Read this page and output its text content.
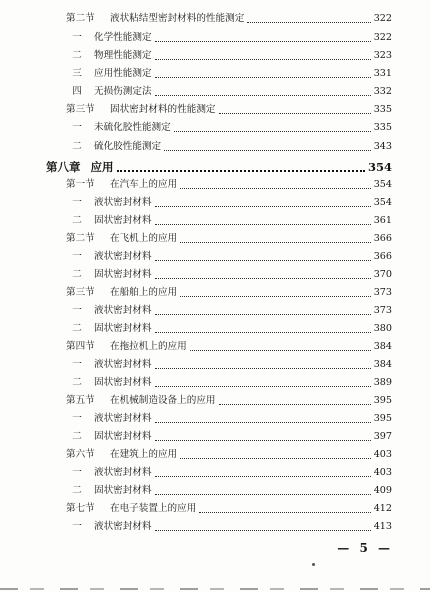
第二节	液状粘结型密封材料的性能测定	322
一	化学性能测定	322
二	物理性能测定	323
三	应用性能测定	331
四	无损伤测定法	332
第三节	固状密封材料的性能测定	335
一	未硫化胶性能测定	335
二	硫化胶性能测定	343
第八章 应用	354
第一节	在汽车上的应用	354
一	液状密封材料	354
二	固状密封材料	361
第二节	在飞机上的应用	366
一	液状密封材料	366
二	固状密封材料	370
第三节	在船舶上的应用	373
一	液状密封材料	373
二	固状密封材料	380
第四节	在拖拉机上的应用	384
一	液状密封材料	384
二	固状密封材料	389
第五节	在机械制造设备上的应用	395
一	液状密封材料	395
二	固状密封材料	397
第六节	在建筑上的应用	403
一	液状密封材料	403
二	固状密封材料	409
第七节	在电子装置上的应用	412
一	液状密封材料	413
— 5 —
